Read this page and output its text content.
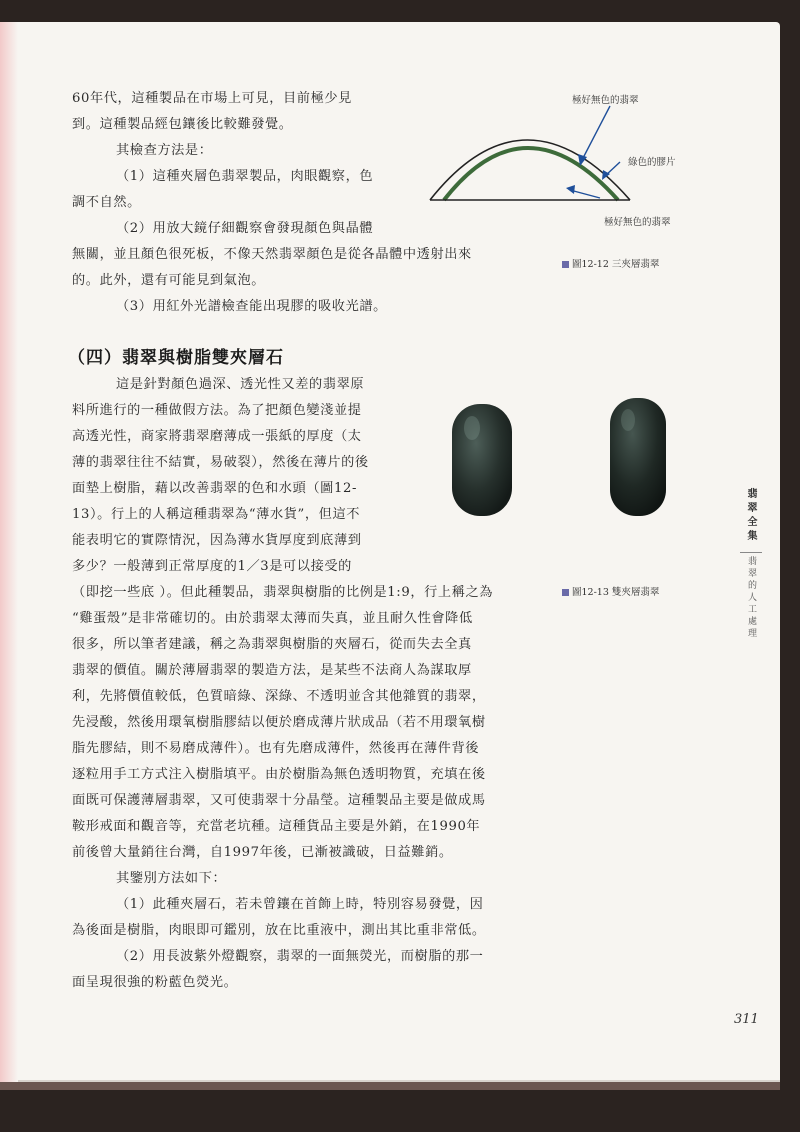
60年代，這種製品在市場上可見，目前極少見
到。這種製品經包鑲後比較難發覺。
其檢查方法是：
（1）這種夾層色翡翠製品，肉眼觀察，色
調不自然。
（2）用放大鏡仔細觀察會發現顏色與晶體
無關，並且顏色很死板，不像天然翡翠顏色是從各晶體中透射出來
的。此外，還有可能見到氣泡。
（3）用紅外光譜檢查能出現膠的吸收光譜。
極好無色的翡翠
綠色的膠片
極好無色的翡翠
圖12-12 三夾層翡翠
（四）翡翠與樹脂雙夾層石
這是針對顏色過深、透光性又差的翡翠原
料所進行的一種做假方法。為了把顏色變淺並提
高透光性，商家將翡翠磨薄成一張紙的厚度（太
薄的翡翠往往不結實，易破裂），然後在薄片的後
面墊上樹脂，藉以改善翡翠的色和水頭（圖12-
13）。行上的人稱這種翡翠為“薄水貨”，但這不
能表明它的實際情況，因為薄水貨厚度到底薄到
多少？一般薄到正常厚度的1／3是可以接受的
（即挖一些底 ）。但此種製品，翡翠與樹脂的比例是1:9，行上稱之為
“雞蛋殼”是非常確切的。由於翡翠太薄而失真，並且耐久性會降低
很多，所以筆者建議，稱之為翡翠與樹脂的夾層石，從而失去全真
翡翠的價值。關於薄層翡翠的製造方法，是某些不法商人為謀取厚
利，先將價值較低，色質暗綠、深綠、不透明並含其他雜質的翡翠，
先浸酸，然後用環氧樹脂膠結以便於磨成薄片狀成品（若不用環氧樹
脂先膠結，則不易磨成薄件）。也有先磨成薄件，然後再在薄件背後
逐粒用手工方式注入樹脂填平。由於樹脂為無色透明物質，充填在後
面既可保護薄層翡翠，又可使翡翠十分晶瑩。這種製品主要是做成馬
鞍形戒面和觀音等，充當老坑種。這種貨品主要是外銷，在1990年
前後曾大量銷往台灣，自1997年後，已漸被識破，日益難銷。
其鑒別方法如下：
（1）此種夾層石，若未曾鑲在首飾上時，特別容易發覺，因
為後面是樹脂，肉眼即可鑑別，放在比重液中，測出其比重非常低。
（2）用長波紫外燈觀察，翡翠的一面無熒光，而樹脂的那一
面呈現很強的粉藍色熒光。
圖12-13 雙夾層翡翠
翡翠全集
翡翠的人工處理
311
